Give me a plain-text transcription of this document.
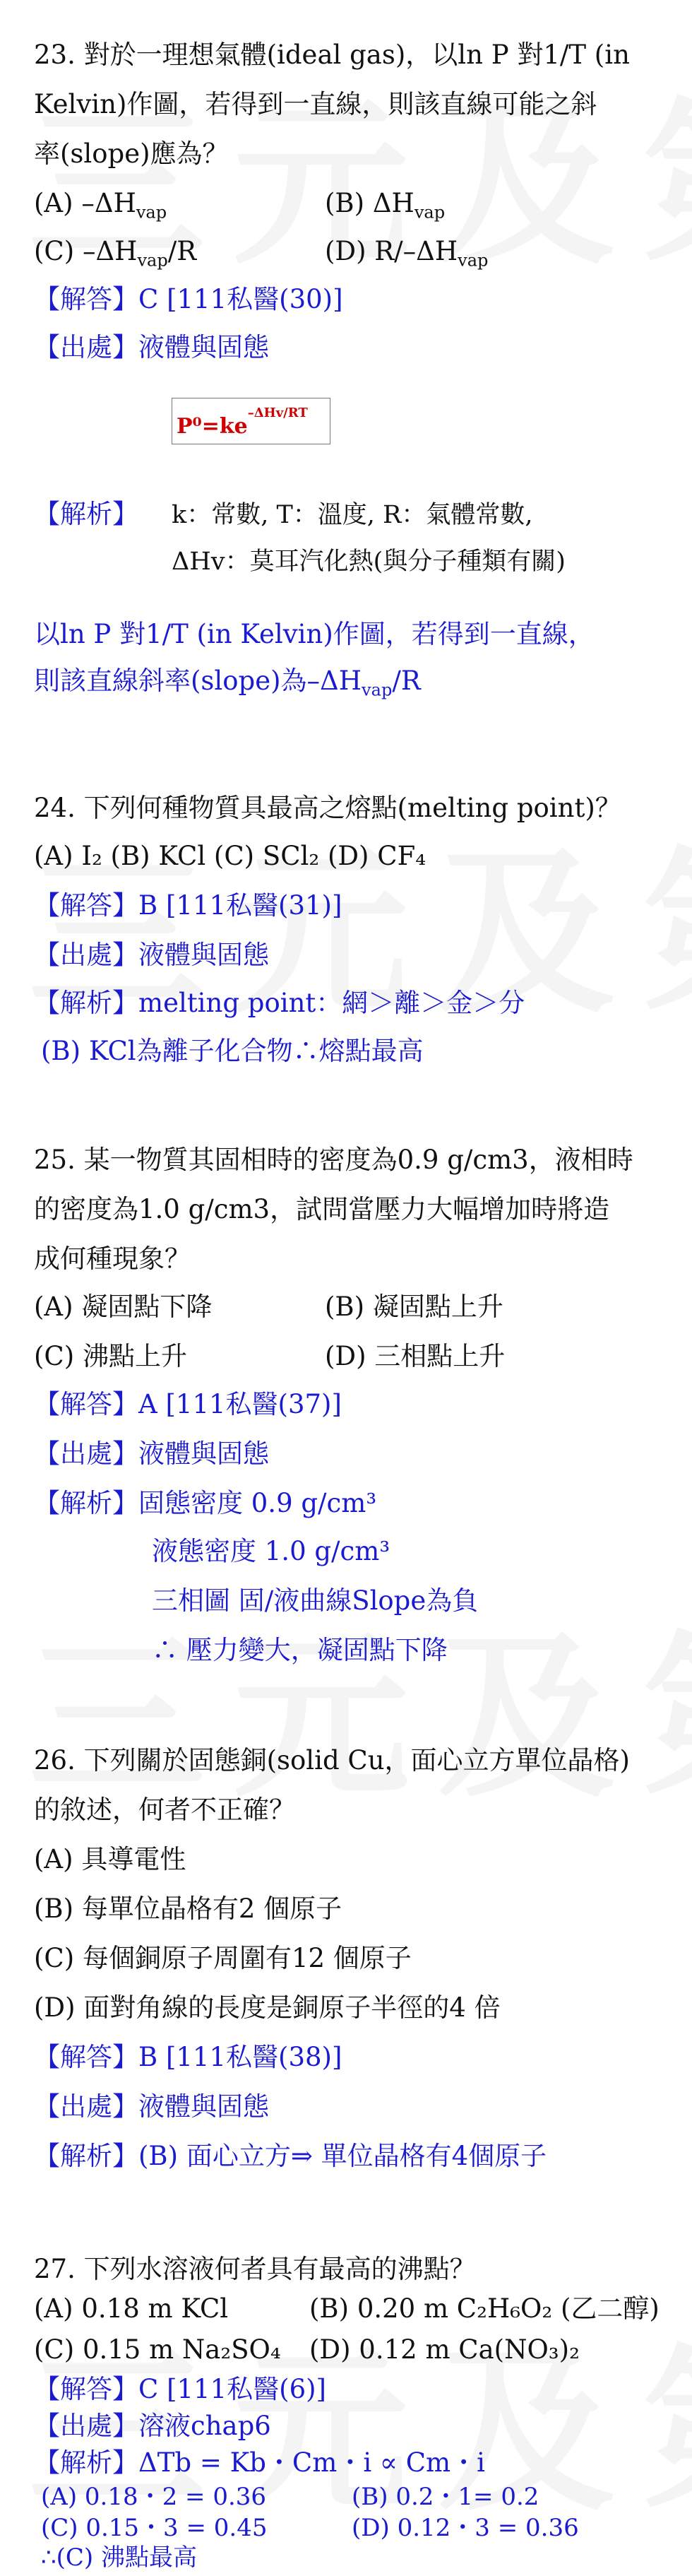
23. 對於一理想氣體(ideal gas)，以ln P 對1/T (in
Kelvin)作圖，若得到一直線，則該直線可能之斜
率(slope)應為？
(A) $-\Delta H_{vap}$	(B) $\Delta H_{vap}$
(C) $-\Delta H_{vap}/R$	(D) $R/-\Delta H_{vap}$
【解答】C [111私醫(30)]
【出處】液體與固態
$P^0=ke^{-\Delta Hv/RT}$
【解析】	k：常數, T：溫度, R：氣體常數,
ΔHv：莫耳汽化熱(與分子種類有關)
以ln P 對1/T (in Kelvin)作圖，若得到一直線，
則該直線斜率(slope)為$-\Delta H_{vap}/R$
24. 下列何種物質具最高之熔點(melting point)？
(A) I₂ (B) KCl (C) SCl₂ (D) CF₄
【解答】B [111私醫(31)]
【出處】液體與固態
【解析】melting point：網＞離＞金＞分
(B) KCl為離子化合物∴熔點最高
25. 某一物質其固相時的密度為0.9 g/cm3，液相時
的密度為1.0 g/cm3，試問當壓力大幅增加時將造
成何種現象？
(A) 凝固點下降	(B) 凝固點上升
(C) 沸點上升	(D) 三相點上升
【解答】A [111私醫(37)]
【出處】液體與固態
【解析】固態密度 0.9 g/cm³
液態密度 1.0 g/cm³
三相圖 固/液曲線Slope為負
∴ 壓力變大，凝固點下降
26. 下列關於固態銅(solid Cu，面心立方單位晶格)
的敘述，何者不正確？
(A) 具導電性
(B) 每單位晶格有2 個原子
(C) 每個銅原子周圍有12 個原子
(D) 面對角線的長度是銅原子半徑的4 倍
【解答】B [111私醫(38)]
【出處】液體與固態
【解析】(B) 面心立方⇒ 單位晶格有4個原子
27. 下列水溶液何者具有最高的沸點？
(A) 0.18 m KCl	(B) 0.20 m C₂H₆O₂ (乙二醇)
(C) 0.15 m Na₂SO₄ (D) 0.12 m Ca(NO₃)₂
【解答】C [111私醫(6)]
【出處】溶液chap6
【解析】ΔTb = Kb・Cm・i ∝ Cm・i
(A) 0.18・2 = 0.36	(B) 0.2・1= 0.2
(C) 0.15・3 = 0.45	(D) 0.12・3 = 0.36
∴(C) 沸點最高
